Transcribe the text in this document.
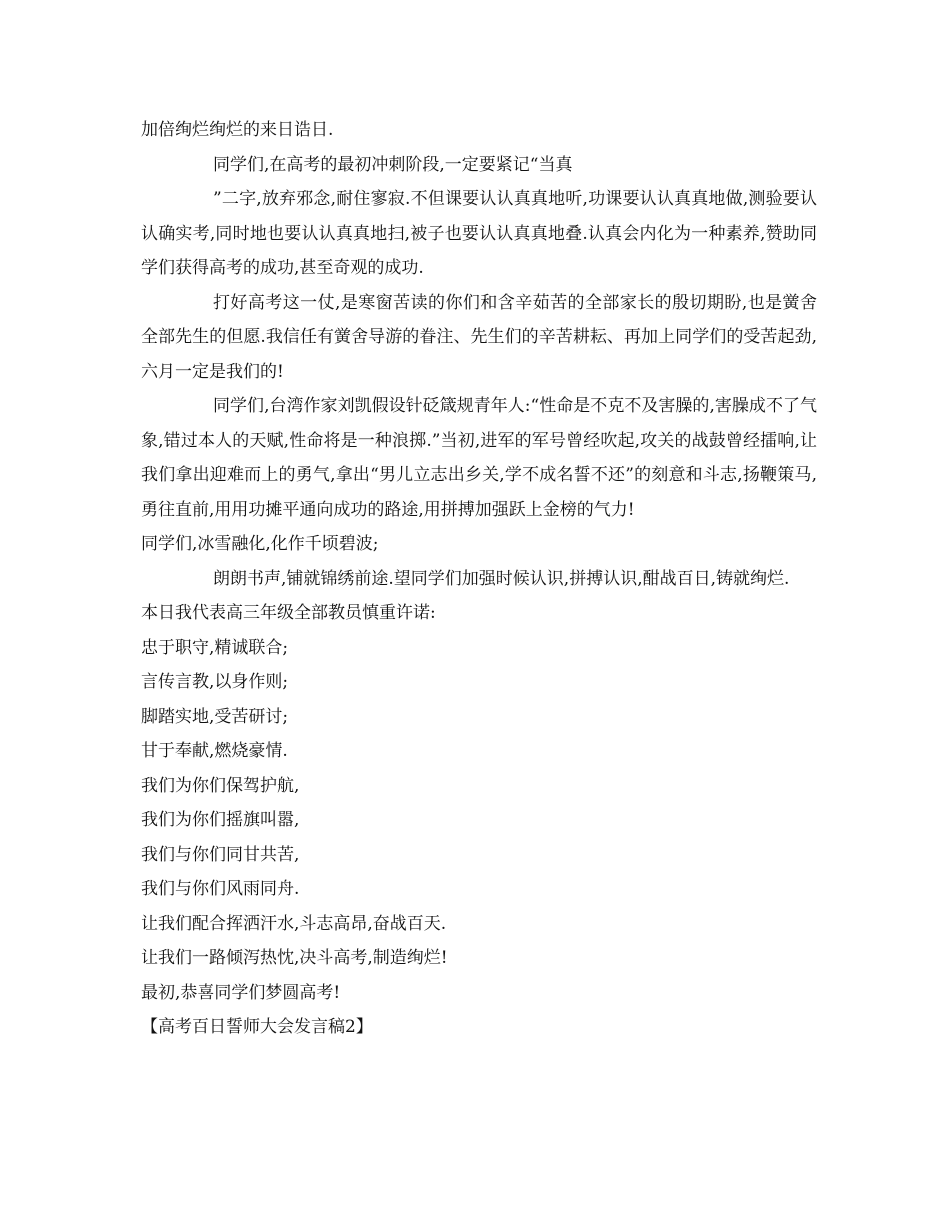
加倍绚烂绚烂的来日诰日.

同学们,在高考的最初冲刺阶段,一定要紧记“当真

”二字,放弃邪念,耐住寥寂.不但课要认认真真地听,功课要认认真真地做,测验要认认确实考,同时地也要认认真真地扫,被子也要认认真真地叠.认真会内化为一种素养,赞助同学们获得高考的成功,甚至奇观的成功.

打好高考这一仗,是寒窗苦读的你们和含辛茹苦的全部家长的殷切期盼,也是黉舍全部先生的但愿.我信任有黉舍导游的眷注、先生们的辛苦耕耘、再加上同学们的受苦起劲,六月一定是我们的!

同学们,台湾作家刘凯假设针砭箴规青年人:“性命是不克不及害臊的,害臊成不了气象,错过本人的天赋,性命将是一种浪掷.”当初,进军的军号曾经吹起,攻关的战鼓曾经擂响,让我们拿出迎难而上的勇气,拿出“男儿立志出乡关,学不成名誓不还”的刻意和斗志,扬鞭策马,勇往直前,用用功摊平通向成功的路途,用拼搏加强跃上金榜的气力!

同学们,冰雪融化,化作千顷碧波;

朗朗书声,铺就锦绣前途.望同学们加强时候认识,拼搏认识,酣战百日,铸就绚烂.

本日我代表高三年级全部教员慎重许诺:

忠于职守,精诚联合;

言传言教,以身作则;

脚踏实地,受苦研讨;

甘于奉献,燃烧豪情.

我们为你们保驾护航,

我们为你们摇旗叫嚣,

我们与你们同甘共苦,

我们与你们风雨同舟.

让我们配合挥洒汗水,斗志高昂,奋战百天.

让我们一路倾泻热忱,决斗高考,制造绚烂!

最初,恭喜同学们梦圆高考!

【高考百日誓师大会发言稿2】
